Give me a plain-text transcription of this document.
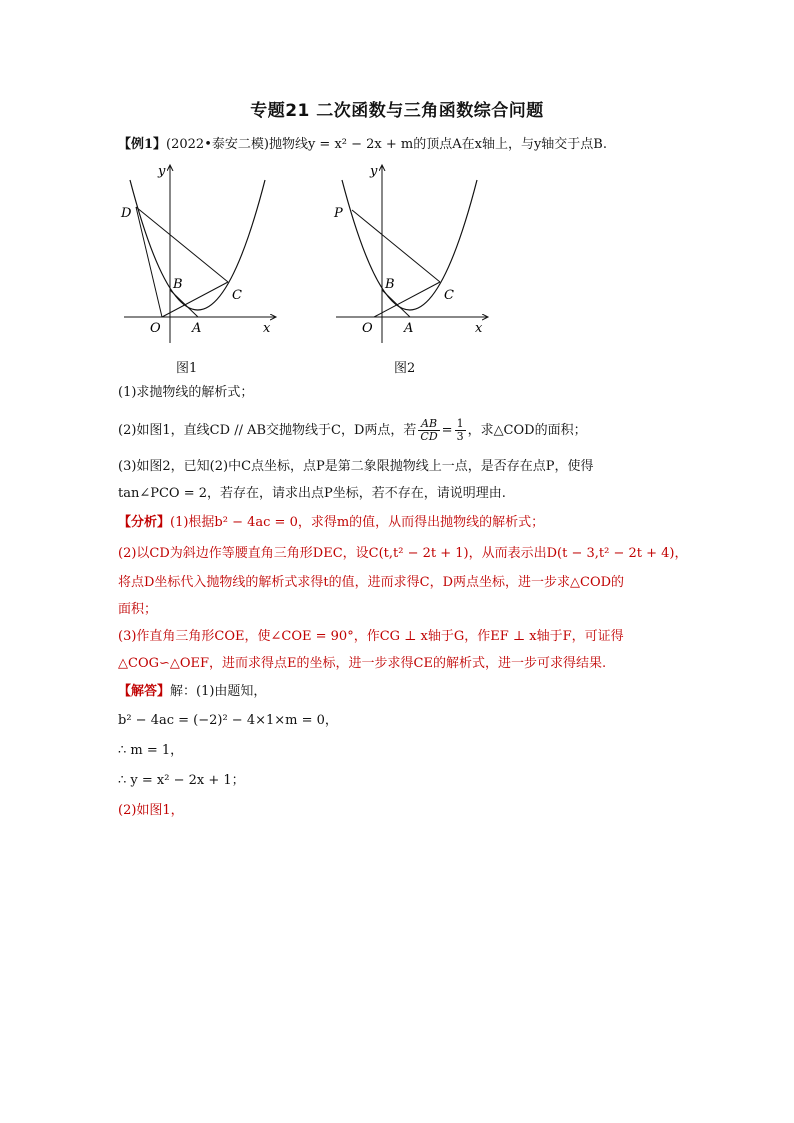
专题21 二次函数与三角函数综合问题
【例1】(2022•泰安二模)抛物线y = x² − 2x + m的顶点A在x轴上，与y轴交于点B.
y
x
O A
B
C
D
图1
y
x
O A
B
C
P
图2
(1)求抛物线的解析式；
(2)如图1，直线CD // AB交抛物线于C，D两点，若 $\frac{AB}{CD} = \frac{1}{3}$ ，求△COD的面积；
(3)如图2，已知(2)中C点坐标，点P是第二象限抛物线上一点，是否存在点P，使得
tan∠PCO = 2，若存在，请求出点P坐标，若不存在，请说明理由.
【分析】(1)根据b² − 4ac = 0，求得m的值，从而得出抛物线的解析式；
(2)以CD为斜边作等腰直角三角形DEC，设C(t,t² − 2t + 1)，从而表示出D(t − 3,t² − 2t + 4)，
将点D坐标代入抛物线的解析式求得t的值，进而求得C，D两点坐标，进一步求△COD的
面积；
(3)作直角三角形COE，使∠COE = 90°，作CG ⊥ x轴于G，作EF ⊥ x轴于F，可证得
△COG∽△OEF，进而求得点E的坐标，进一步求得CE的解析式，进一步可求得结果.
【解答】解：(1)由题知，
b² − 4ac = (−2)² − 4×1×m = 0，
∴ m = 1，
∴ y = x² − 2x + 1；
(2)如图1，
